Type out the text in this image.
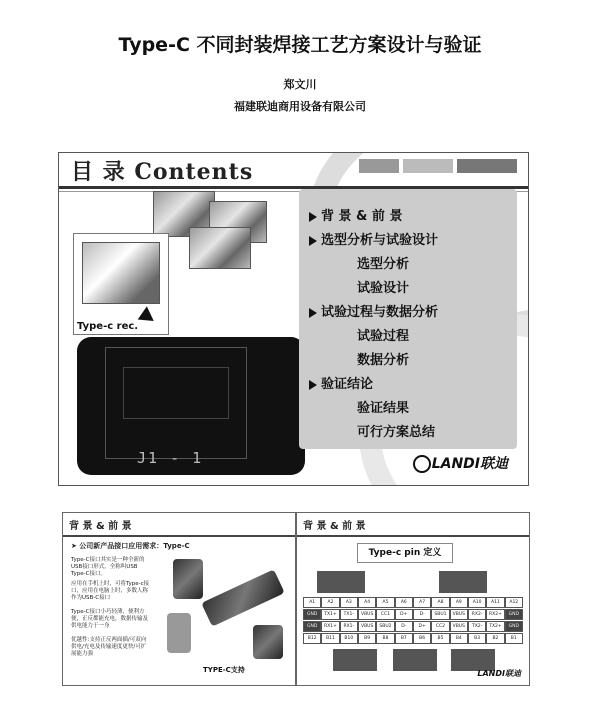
Type-C 不同封装焊接工艺方案设计与验证
郑文川
福建联迪商用设备有限公司
目 录 Contents
Type-c rec.
J1 - 1
背 景 & 前 景
选型分析与试验设计
选型分析
试验设计
试验过程与数据分析
试验过程
数据分析
验证结论
验证结果
可行方案总结
LANDI联迪
背 景 & 前 景
➤ 公司新产品接口应用需求：Type-C
Type-C接口其实是一种全新的USB接口形式，全称叫USB Type-C接口。
应用在手机上时，可将Type-c接口，应用在电脑上时，多数人称作为USB-C接口
Type-C接口小巧轻薄，便利方便，正反都能充电，数据传输及供电能力于一身
优越性:支持正反两面插/可双向供电/充电及传输速度更快/可扩展能力强
TYPE-C支持
背 景 & 前 景
Type-c pin 定义
A1	A2	A3	A4	A5	A6	A7	A8	A9	A10	A11	A12
GND	TX1+	TX1-	VBUS	CC1	D+	D-	SBU1	VBUS	RX2-	RX2+	GND
GND	RX1+	RX1-	VBUS	SBU2	D-	D+	CC2	VBUS	TX2-	TX2+	GND
B12	B11	B10	B9	B8	B7	B6	B5	B4	B3	B2	B1
LANDI联迪
